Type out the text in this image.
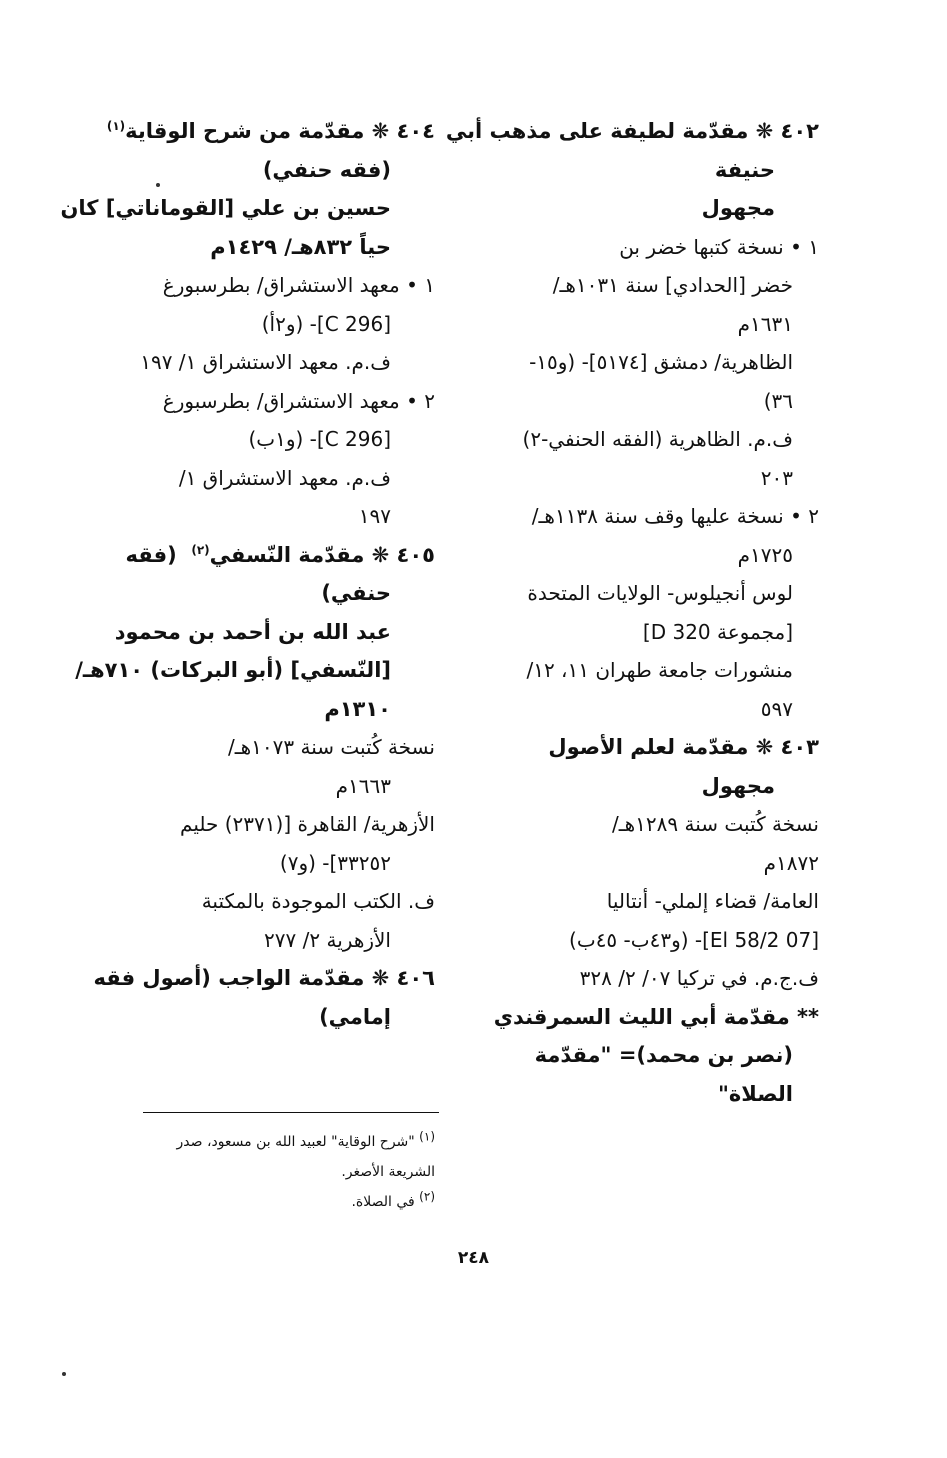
٤٠٢ ❋ مقدّمة لطيفة على مذهب أبي
حنيفة
مجهول
١ • نسخة كتبها خضر بن
خضر [الحدادي] سنة ١٠٣١هـ/
١٦٣١م
الظاهرية/ دمشق [٥١٧٤]- (و١٥-
٣٦)
ف.م. الظاهرية (الفقه الحنفي-٢)
٢٠٣
٢ • نسخة عليها وقف سنة ١١٣٨هـ/
١٧٢٥م
لوس أنجيلوس- الولايات المتحدة
[مجموعة D 320]
منشورات جامعة طهران ١١، ١٢/
٥٩٧
٤٠٣ ❋ مقدّمة لعلم الأصول
مجهول
نسخة كُتبت سنة ١٢٨٩هـ/
١٨٧٢م
العامة/ قضاء إلملي- أنتاليا
[07 El 58/2]- (و٤٣ب- ٤٥ب)
ف.ج.م. في تركيا ٠٧/ ٢/ ٣٢٨
** مقدّمة أبي الليث السمرقندي
(نصر بن محمد)= "مقدّمة
الصلاة"
٤٠٤ ❋ مقدّمة من شرح الوقاية$^{(١)}$
(فقه حنفي)
حسين بن علي [القوماناتي] كان
حياً ٨٣٢هـ/ ١٤٢٩م
١ • معهد الاستشراق/ بطرسبورغ
[C 296]- (و٢أ)
ف.م. معهد الاستشراق ١/ ١٩٧
٢ • معهد الاستشراق/ بطرسبورغ
[C 296]- (و١ب)
ف.م. معهد الاستشراق ١/
١٩٧
٤٠٥ ❋ مقدّمة النّسفي$^{(٢)}$  (فقه
حنفي)
عبد الله بن أحمد بن محمود
[النّسفي] (أبو البركات) ٧١٠هـ/
١٣١٠م
نسخة كُتبت سنة ١٠٧٣هـ/
١٦٦٣م
الأزهرية/ القاهرة [(٢٣٧١) حليم
٣٣٢٥٢]- (و٧)
ف. الكتب الموجودة بالمكتبة
الأزهرية ٢/ ٢٧٧
٤٠٦ ❋ مقدّمة الواجب (أصول فقه
إمامي)
$^{(١)}$ "شرح الوقاية" لعبيد الله بن مسعود، صدر
الشريعة الأصغر.
$^{(٢)}$ في الصلاة.
٢٤٨
